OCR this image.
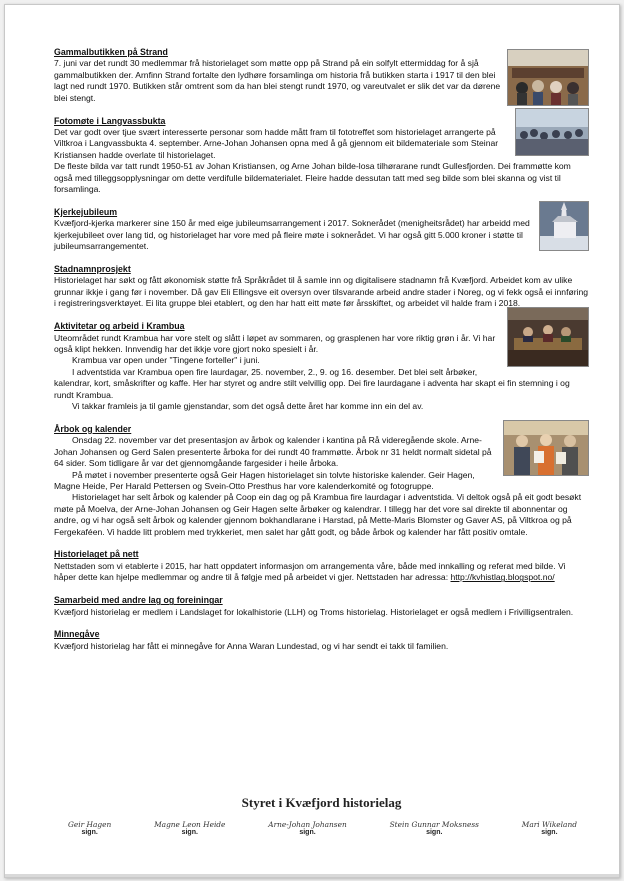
Gammalbutikken på Strand

7. juni var det rundt 30 medlemmar frå historielaget som møtte opp på Strand på ein solfylt ettermiddag for å sjå gammalbutikken der. Arnfinn Strand fortalte den lydhøre forsamlinga om historia frå butikken starta i 1917 til den blei lagt ned rundt 1970. Butikken står omtrent som da han blei stengt rundt 1970, og vareutvalet er slik det var da dørene blei stengt.

Fotomøte i Langvassbukta

Det var godt over tjue svært interesserte personar som hadde mått fram til fototreffet som historielaget arrangerte på Viltkroa i Langvassbukta 4. september. Arne-Johan Johansen opna med å gå gjennom eit bildemateriale som Steinar Kristiansen hadde overlate til historielaget.

De fleste bilda var tatt rundt 1950-51 av Johan Kristiansen, og Arne Johan bilde-losa tilhørarane rundt Gullesfjorden. Dei frammøtte kom også med tilleggsopplysningar om dette verdifulle bildematerialet. Fleire hadde dessutan tatt med seg bilde som blei skanna og vist til forsamlinga.

Kjerkejubileum

Kvæfjord-kjerka markerer sine 150 år med eige jubileumsarrangement i 2017. Soknerådet (menigheitsrådet) har arbeidd med kjerkejubileet over lang tid, og historielaget har vore med på fleire møte i soknerådet. Vi har også gitt 5.000 kroner i støtte til jubileumsarrangementet.

Stadnamnprosjekt

Historielaget har søkt og fått økonomisk støtte frå Språkrådet til å samle inn og digitalisere stadnamn frå Kvæfjord. Arbeidet kom av ulike grunnar ikkje i gang før i november. Då gav Eli Ellingsve eit oversyn over tilsvarande arbeid andre stader i Noreg, og vi fekk også ei innføring i registreringsverktøyet. Ei lita gruppe blei etablert, og den har hatt eitt møte før årsskiftet, og arbeidet vil halde fram i 2018.

Aktivitetar og arbeid i Krambua

Uteområdet rundt Krambua har vore stelt og slått i løpet av sommaren, og grasplenen har vore riktig grøn i år. Vi har også klipt hekken. Innvendig har det ikkje vore gjort noko spesielt i år.

Krambua var open under "Tingene forteller" i juni.

I adventstida var Krambua open fire laurdagar, 25. november, 2., 9. og 16. desember. Det blei selt årbøker, kalendrar, kort, småskrifter og kaffe. Her har styret og andre stilt velvillig opp. Dei fire laurdagane i adventa har skapt ei fin stemning i og rundt Krambua.

Vi takkar framleis ja til gamle gjenstandar, som det også dette året har komme inn ein del av.

Årbok og kalender

Onsdag 22. november var det presentasjon av årbok og kalender i kantina på Rå videregående skole. Arne-Johan Johansen og Gerd Salen presenterte årboka for dei rundt 40 frammøtte. Årbok nr 31 heldt normalt sidetal på 64 sider. Som tidligare år var det gjennomgåande fargesider i heile årboka.

På møtet i november presenterte også Geir Hagen historielaget sin tolvte historiske kalender. Geir Hagen, Magne Heide, Per Harald Pettersen og Svein-Otto Presthus har vore kalenderkomité og fotogruppe.

Historielaget har selt årbok og kalender på Coop ein dag og på Krambua fire laurdagar i adventstida. Vi deltok også på eit godt besøkt møte på Moelva, der Arne-Johan Johansen og Geir Hagen selte årbøker og kalendrar. I tillegg har det vore sal direkte til abonnentar og andre, og vi har også selt årbok og kalender gjennom bokhandlarane i Harstad, på Mette-Maris Blomster og Gaver AS, på Viltkroa og på Fergekaféen. Vi hadde litt problem med trykkeriet, men salet har gått godt, og både årbok og kalender har fått positiv omtale.

Historielaget på nett

Nettstaden som vi etablerte i 2015, har hatt oppdatert informasjon om arrangementa våre, både med innkalling og referat med bilde. Vi håper dette kan hjelpe medlemmar og andre til å følgje med på arbeidet vi gjer. Nettstaden har adressa: http://kvhistlag.blogspot.no/

Samarbeid med andre lag og foreiningar

Kvæfjord historielag er medlem i Landslaget for lokalhistorie (LLH) og Troms historielag. Historielaget er også medlem i Frivilligsentralen.

Minnegåve

Kvæfjord historielag har fått ei minnegåve for Anna Waran Lundestad, og vi har sendt ei takk til familien.

Styret i Kvæfjord historielag
Geir Hagen
sign.
Magne Leon Heide
sign.
Arne-Johan Johansen
sign.
Stein Gunnar Moksness
sign.
Mari Wikeland
sign.
